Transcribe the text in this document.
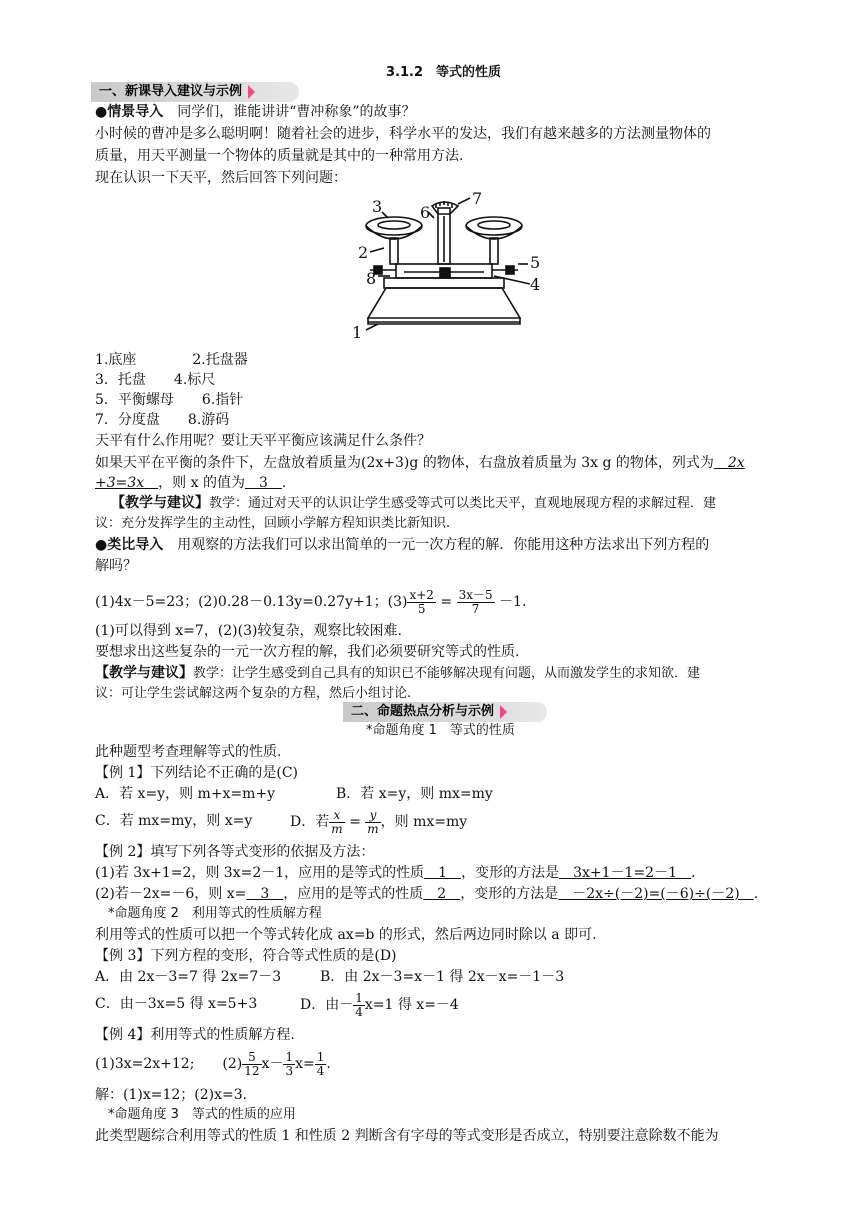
3.1.2　等式的性质
一、新课导入建议与示例
●情景导入　同学们，谁能讲讲“曹冲称象”的故事？
小时候的曹冲是多么聪明啊！随着社会的进步，科学水平的发达，我们有越来越多的方法测量物体的
质量，用天平测量一个物体的质量就是其中的一种常用方法.
现在认识一下天平，然后回答下列问题：
3 6
7
2
5
8	4
1
1.底座　　　　2.托盘器
3．托盘　　4.标尺
5．平衡螺母　　6.指针
7．分度盘　　8.游码
天平有什么作用呢？要让天平平衡应该满足什么条件？
如果天平在平衡的条件下，左盘放着质量为(2x+3)g 的物体，右盘放着质量为 3x g 的物体，列式为　2x
+3=3x　，则 x 的值为　3　.
【教学与建议】教学：通过对天平的认识让学生感受等式可以类比天平，直观地展现方程的求解过程．建
议：充分发挥学生的主动性，回顾小学解方程知识类比新知识.
●类比导入　用观察的方法我们可以求出简单的一元一次方程的解．你能用这种方法求出下列方程的
解吗？
(1)4x－5=23；(2)0.28－0.13y=0.27y+1；$(3) \frac{x+2}{5} = \frac{3x-5}{7} -1$.
(1)可以得到 x=7，(2)(3)较复杂，观察比较困难.
要想求出这些复杂的一元一次方程的解，我们必须要研究等式的性质.
【教学与建议】教学：让学生感受到自己具有的知识已不能够解决现有问题，从而激发学生的求知欲．建
议：可让学生尝试解这两个复杂的方程，然后小组讨论.
二、命题热点分析与示例
*命题角度 1　等式的性质
此种题型考查理解等式的性质.
【例 1】下列结论不正确的是(C)
A．若 x=y，则 m+x=m+y	B．若 x=y，则 mx=my
C．若 mx=my，则 x=y	D．若 $\frac{x}{m} = \frac{y}{m}$ ，则 mx=my
【例 2】填写下列各等式变形的依据及方法：
(1)若 3x+1=2，则 3x=2－1，应用的是等式的性质　1　，变形的方法是　3x+1－1=2－1　.
(2)若－2x=－6，则 x=　3　，应用的是等式的性质　2　，变形的方法是　－2x÷(－2)=(－6)÷(－2)　.
*命题角度 2　利用等式的性质解方程
利用等式的性质可以把一个等式转化成 ax=b 的形式，然后两边同时除以 a 即可.
【例 3】下列方程的变形，符合等式性质的是(D)
A．由 2x－3=7 得 2x=7－3	B．由 2x－3=x－1 得 2x－x=－1－3
C．由－3x=5 得 x=5+3	D．由－ $\frac{1}{4} x=1$ 得 x=－4
【例 4】利用等式的性质解方程.
(1)3x=2x+12;　　$(2) \frac{5}{12} x- \frac{1}{3} x= \frac{1}{4}$ .
解：(1)x=12；(2)x=3.
*命题角度 3　等式的性质的应用
此类型题综合利用等式的性质 1 和性质 2 判断含有字母的等式变形是否成立，特别要注意除数不能为
